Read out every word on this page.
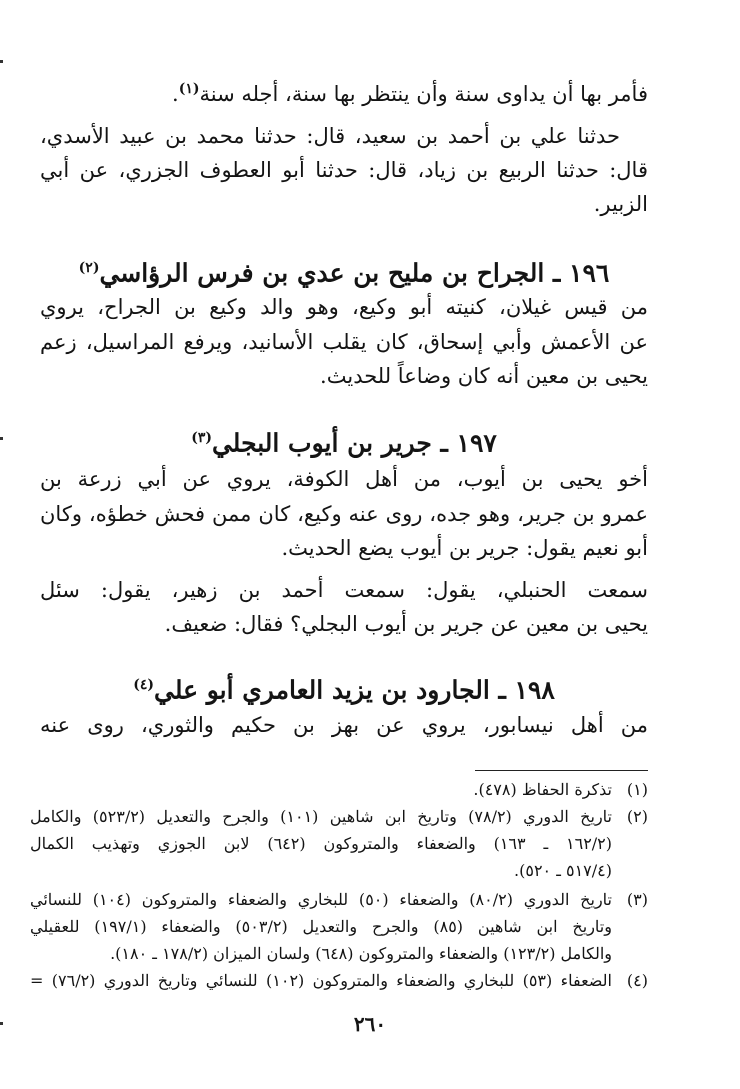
فأمر بها أن يداوى سنة وأن ينتظر بها سنة، أجله سنة$^{(١)}$.
حدثنا علي بن أحمد بن سعيد، قال: حدثنا محمد بن عبيد الأسدي،
قال: حدثنا الربيع بن زياد، قال: حدثنا أبو العطوف الجزري، عن أبي
الزبير.
١٩٦ ـ الجراح بن مليح بن عدي بن فرس الرؤاسي$^{(٢)}$
من قيس غيلان، كنيته أبو وكيع، وهو والد وكيع بن الجراح، يروي
عن الأعمش وأبي إسحاق، كان يقلب الأسانيد، ويرفع المراسيل، زعم
يحيى بن معين أنه كان وضاعاً للحديث.
١٩٧ ـ جرير بن أيوب البجلي$^{(٣)}$
أخو يحيى بن أيوب، من أهل الكوفة، يروي عن أبي زرعة بن
عمرو بن جرير، وهو جده، روى عنه وكيع، كان ممن فحش خطؤه، وكان
أبو نعيم يقول: جرير بن أيوب يضع الحديث.
سمعت الحنبلي، يقول: سمعت أحمد بن زهير، يقول: سئل
يحيى بن معين عن جرير بن أيوب البجلي؟ فقال: ضعيف.
١٩٨ ـ الجارود بن يزيد العامري أبو علي$^{(٤)}$
من أهل نيسابور، يروي عن بهز بن حكيم والثوري، روى عنه
(١)
تذكرة الحفاظ (٤٧٨).
(٢)
تاريخ الدوري (٧٨/٢) وتاريخ ابن شاهين (١٠١) والجرح والتعديل (٥٢٣/٢) والكامل
(١٦٢/٢ ـ ١٦٣) والضعفاء والمتروكون (٦٤٢) لابن الجوزي وتهذيب الكمال
(٥١٧/٤ ـ ٥٢٠).
(٣)
تاريخ الدوري (٨٠/٢) والضعفاء (٥٠) للبخاري والضعفاء والمتروكون (١٠٤) للنسائي
وتاريخ ابن شاهين (٨٥) والجرح والتعديل (٥٠٣/٢) والضعفاء (١٩٧/١) للعقيلي
والكامل (١٢٣/٢) والضعفاء والمتروكون (٦٤٨) ولسان الميزان (١٧٨/٢ ـ ١٨٠).
(٤)
الضعفاء (٥٣) للبخاري والضعفاء والمتروكون (١٠٢) للنسائي وتاريخ الدوري (٧٦/٢) =
٢٦٠
